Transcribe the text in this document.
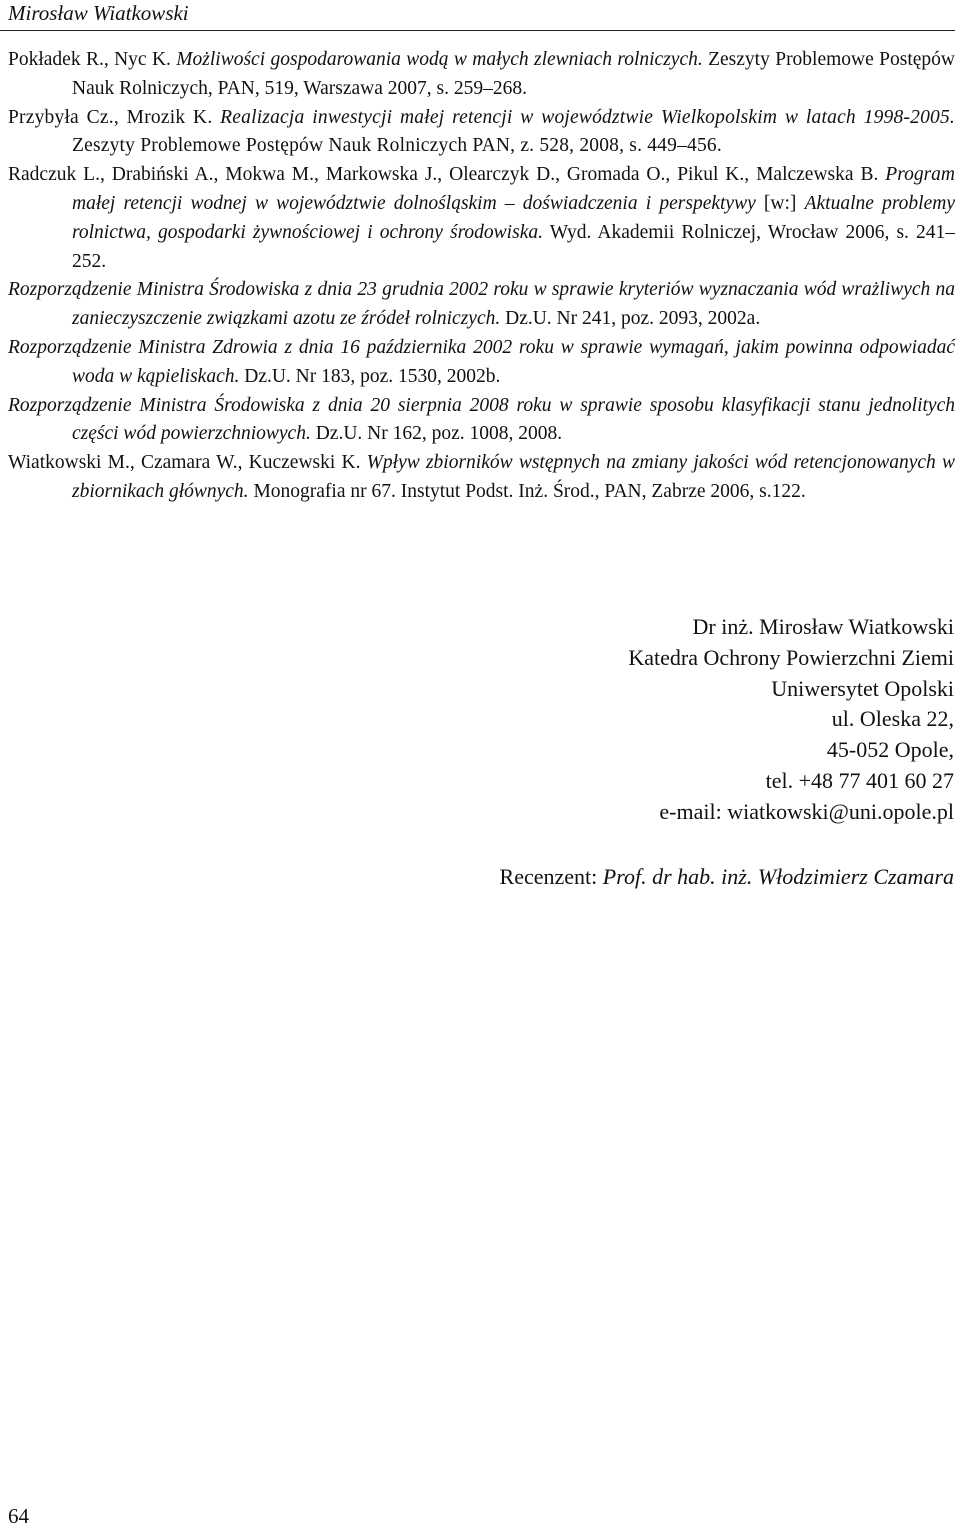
Mirosław Wiatkowski

Pokładek R., Nyc K. Możliwości gospodarowania wodą w małych zlewniach rolniczych. Zeszyty Problemowe Postępów Nauk Rolniczych, PAN, 519, Warszawa 2007, s. 259–268.

Przybyła Cz., Mrozik K. Realizacja inwestycji małej retencji w województwie Wielkopolskim w latach 1998-2005. Zeszyty Problemowe Postępów Nauk Rolniczych PAN, z. 528, 2008, s. 449–456.

Radczuk L., Drabiński A., Mokwa M., Markowska J., Olearczyk D., Gromada O., Pikul K., Malczewska B. Program małej retencji wodnej w województwie dolnośląskim – doświadczenia i perspektywy [w:] Aktualne problemy rolnictwa, gospodarki żywnościowej i ochrony środowiska. Wyd. Akademii Rolniczej, Wrocław 2006, s. 241–252.

Rozporządzenie Ministra Środowiska z dnia 23 grudnia 2002 roku w sprawie kryteriów wyznaczania wód wrażliwych na zanieczyszczenie związkami azotu ze źródeł rolniczych. Dz.U. Nr 241, poz. 2093, 2002a.

Rozporządzenie Ministra Zdrowia z dnia 16 października 2002 roku w sprawie wymagań, jakim powinna odpowiadać woda w kąpieliskach. Dz.U. Nr 183, poz. 1530, 2002b.

Rozporządzenie Ministra Środowiska z dnia 20 sierpnia 2008 roku w sprawie sposobu klasyfikacji stanu jednolitych części wód powierzchniowych. Dz.U. Nr 162, poz. 1008, 2008.

Wiatkowski M., Czamara W., Kuczewski K. Wpływ zbiorników wstępnych na zmiany jakości wód retencjonowanych w zbiornikach głównych. Monografia nr 67. Instytut Podst. Inż. Środ., PAN, Zabrze 2006, s.122.

Dr inż. Mirosław Wiatkowski
Katedra Ochrony Powierzchni Ziemi
Uniwersytet Opolski
ul. Oleska 22,
45-052 Opole,
tel. +48 77 401 60 27
e-mail: wiatkowski@uni.opole.pl
Recenzent: Prof. dr hab. inż. Włodzimierz Czamara
64
